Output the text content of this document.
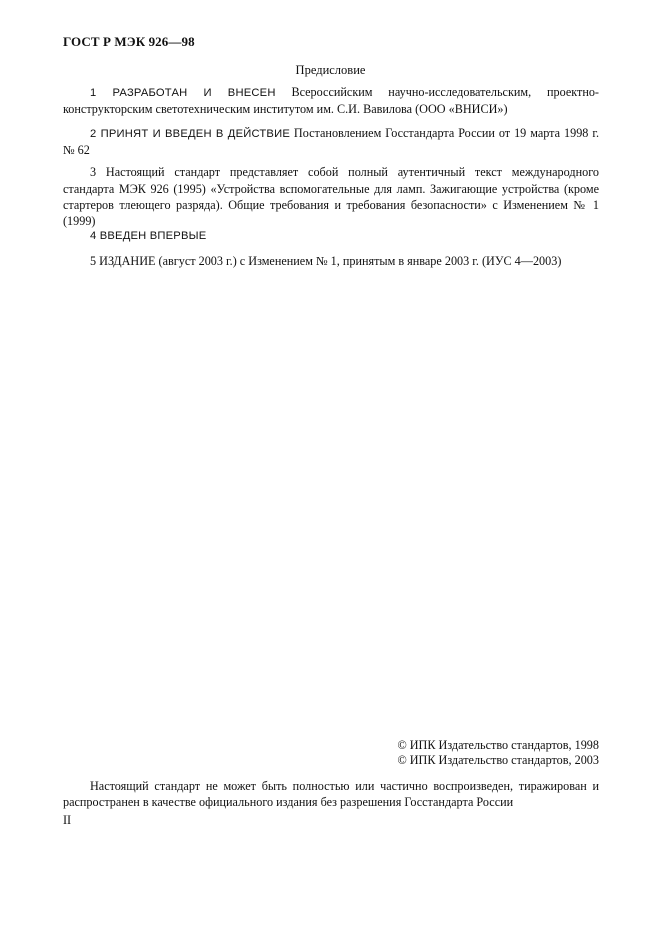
ГОСТ Р МЭК 926—98
Предисловие
1 РАЗРАБОТАН И ВНЕСЕН Всероссийским научно-исследовательским, проектно-конструкторским светотехническим институтом им. С.И. Вавилова (ООО «ВНИСИ»)
2 ПРИНЯТ И ВВЕДЕН В ДЕЙСТВИЕ Постановлением Госстандарта России от 19 марта 1998 г. № 62
3 Настоящий стандарт представляет собой полный аутентичный текст международного стандарта МЭК 926 (1995) «Устройства вспомогательные для ламп. Зажигающие устройства (кроме стартеров тлеющего разряда). Общие требования и требования безопасности» с Изменением № 1 (1999)
4 ВВЕДЕН ВПЕРВЫЕ
5 ИЗДАНИЕ (август 2003 г.) с Изменением № 1, принятым в январе 2003 г. (ИУС 4—2003)
© ИПК Издательство стандартов, 1998
© ИПК Издательство стандартов, 2003
Настоящий стандарт не может быть полностью или частично воспроизведен, тиражирован и распространен в качестве официального издания без разрешения Госстандарта России
II
